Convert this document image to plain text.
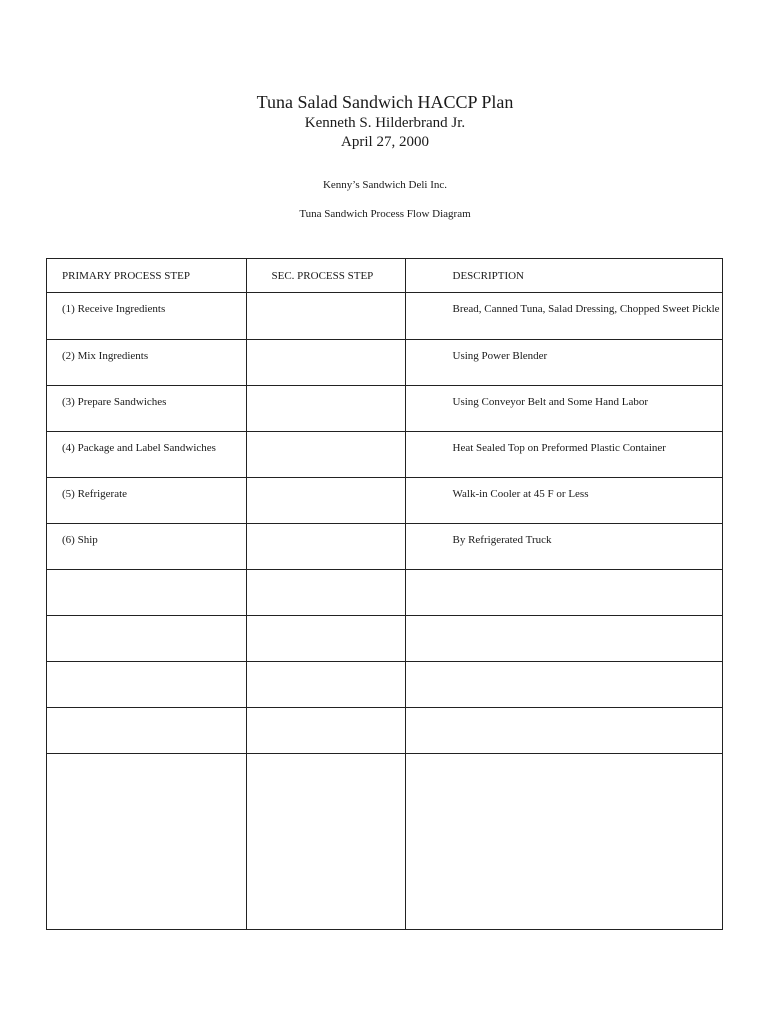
Tuna Salad Sandwich HACCP Plan
Kenneth S. Hilderbrand Jr.
April 27, 2000
Kenny’s Sandwich Deli Inc.
Tuna Sandwich Process Flow Diagram
PRIMARY PROCESS STEP	SEC. PROCESS STEP	DESCRIPTION
(1) Receive Ingredients		Bread, Canned Tuna, Salad Dressing, Chopped Sweet Pickle
(2) Mix Ingredients		Using Power Blender
(3) Prepare Sandwiches		Using Conveyor Belt and Some Hand Labor
(4) Package and Label Sandwiches		Heat Sealed Top on Preformed Plastic Container
(5) Refrigerate		Walk-in Cooler at 45 F or Less
(6) Ship		By Refrigerated Truck
